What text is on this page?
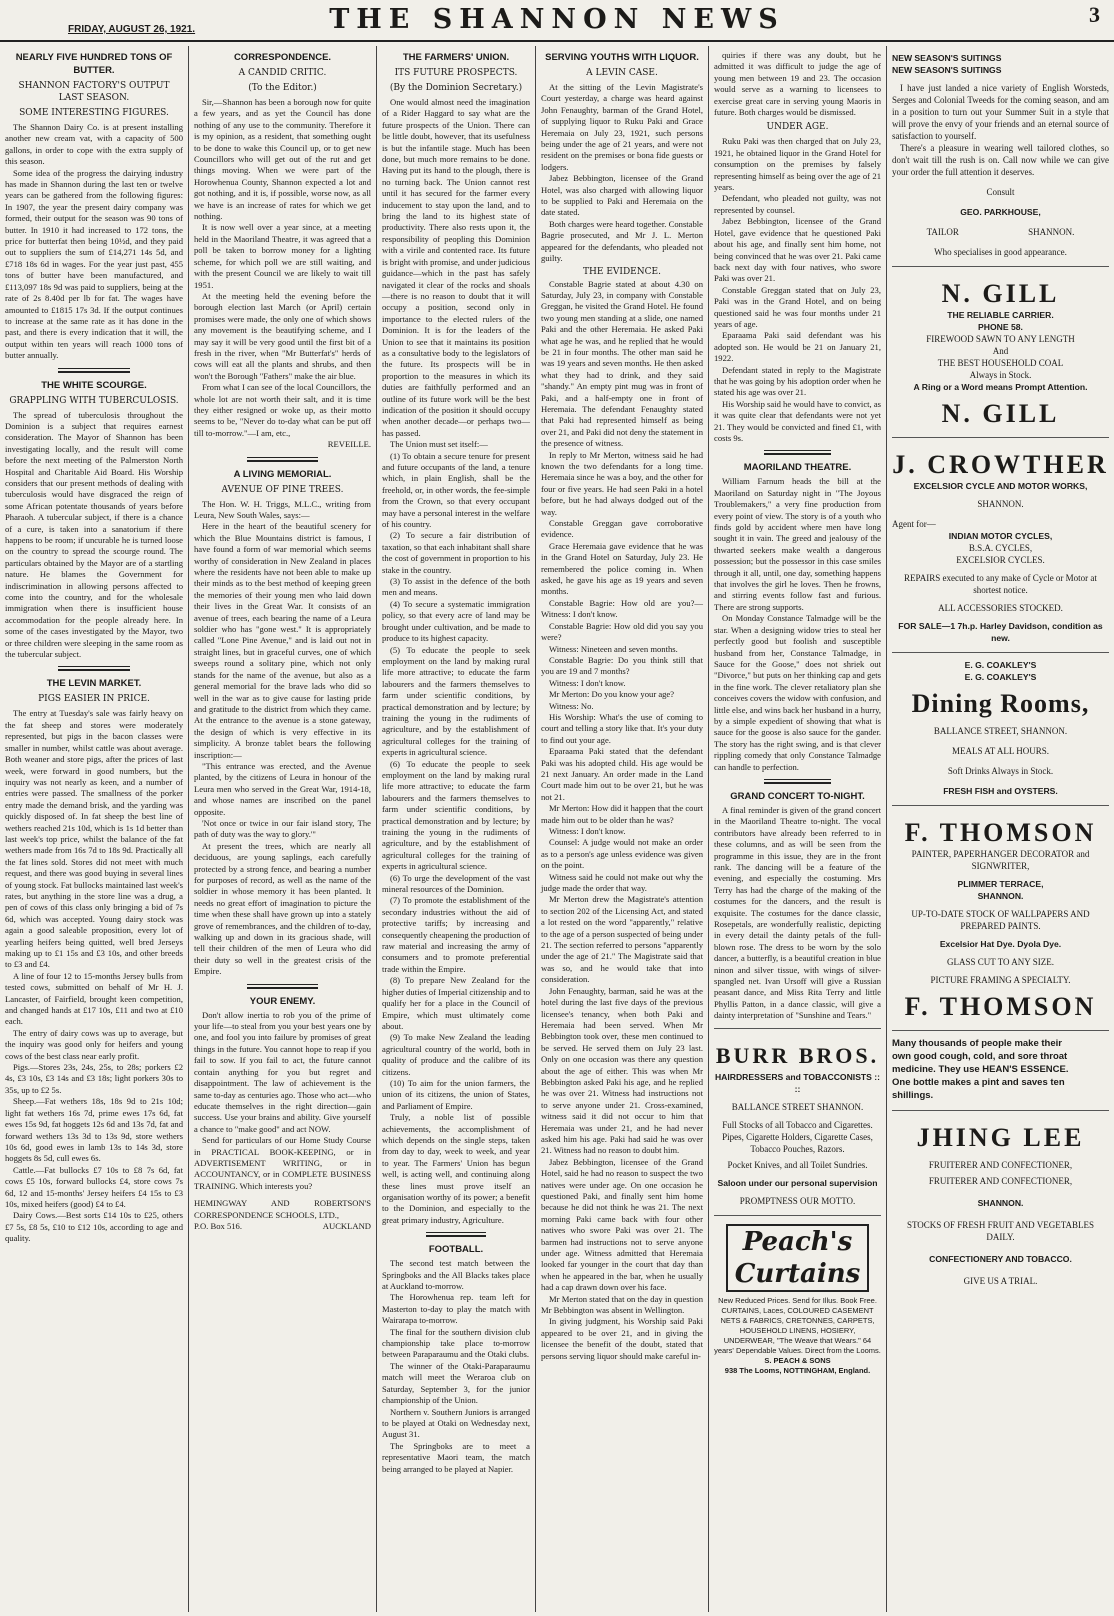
FRIDAY, AUGUST 26, 1921.	THE SHANNON NEWS	3
NEARLY FIVE HUNDRED TONS OF BUTTER.
SHANNON FACTORY'S OUTPUT LAST SEASON.
SOME INTERESTING FIGURES.
The Shannon Dairy Co. is at present installing another new cream vat, with a capacity of 500 gallons, in order to cope with the extra supply of this season.
Some idea of the progress the dairying industry has made in Shannon during the last ten or twelve years can be gathered from the following figures: In 1907, the year the present dairy company was formed, their output for the season was 90 tons of butter. In 1910 it had increased to 172 tons, the price for butterfat then being 10½d, and they paid out to suppliers the sum of £14,271 14s 5d, and £718 18s 6d in wages. For the year just past, 455 tons of butter have been manufactured, and £113,097 18s 9d was paid to suppliers, being at the rate of 2s 8.40d per lb for fat. The wages have amounted to £1815 17s 3d. If the output continues to increase at the same rate as it has done in the past, and there is every indication that it will, the output within ten years will reach 1000 tons of butter annually.
THE WHITE SCOURGE.
GRAPPLING WITH TUBERCULOSIS.
The spread of tuberculosis throughout the Dominion is a subject that requires earnest consideration. The Mayor of Shannon has been investigating locally, and the result will come before the next meeting of the Palmerston North Hospital and Charitable Aid Board. His Worship considers that our present methods of dealing with tuberculosis would have disgraced the reign of some African potentate thousands of years before Pharaoh. A tubercular subject, if there is a chance of a cure, is taken into a sanatorium if there happens to be room; if uncurable he is turned loose on the country to spread the scourge round. The particulars obtained by the Mayor are of a startling nature. He blames the Government for indiscrimination in allowing persons affected to come into the country, and for the wholesale immigration when there is insufficient house accommodation for the people already here. In some of the cases investigated by the Mayor, two or three children were sleeping in the same room as the tubercular subject.
THE LEVIN MARKET.
PIGS EASIER IN PRICE.
The entry at Tuesday's sale was fairly heavy on the fat sheep and stores were moderately represented, but pigs in the bacon classes were smaller in number, whilst cattle was about average. Both weaner and store pigs, after the prices of last week, were forward in good numbers, but the inquiry was not nearly as keen, and a number of entries were passed. The smallness of the porker entry made the demand brisk, and the yarding was quickly disposed of. In fat sheep the best line of wethers reached 21s 10d, which is 1s 1d better than last week's top price, whilst the balance of the fat wethers made from 16s 7d to 18s 9d. Practically all the fat lines sold. Stores did not meet with much request, and there was good buying in several lines of young stock. Fat bullocks maintained last week's rates, but anything in the store line was a drug, a pen of cows of this class only bringing a bid of 7s 6d, which was accepted. Young dairy stock was again a good saleable proposition, every lot of yearling heifers being quitted, well bred Jerseys making up to £1 15s and £3 10s, and other breeds to £3 and £4.
A line of four 12 to 15-months Jersey bulls from tested cows, submitted on behalf of Mr H. J. Lancaster, of Fairfield, brought keen competition, and changed hands at £17 10s, £11 and two at £10 each.
The entry of dairy cows was up to average, but the inquiry was good only for heifers and young cows of the best class near early profit.
Pigs.—Stores 23s, 24s, 25s, to 28s; porkers £2 4s, £3 10s, £3 14s and £3 18s; light porkers 30s to 35s, up to £2 5s.
Sheep.—Fat wethers 18s, 18s 9d to 21s 10d; light fat wethers 16s 7d, prime ewes 17s 6d, fat ewes 15s 9d, fat hoggets 12s 6d and 13s 7d, fat and forward wethers 13s 3d to 13s 9d, store wethers 10s 6d, good ewes in lamb 13s to 14s 3d, store hoggets 8s 5d, cull ewes 6s.
Cattle.—Fat bullocks £7 10s to £8 7s 6d, fat cows £5 10s, forward bullocks £4, store cows 7s 6d, 12 and 15-months' Jersey heifers £4 15s to £3 10s, mixed heifers (good) £4 to £4.
Dairy Cows.—Best sorts £14 10s to £25, others £7 5s, £8 5s, £10 to £12 10s, according to age and quality.
CORRESPONDENCE.
A CANDID CRITIC.
(To the Editor.)
Sir,—Shannon has been a borough now for quite a few years, and as yet the Council has done nothing of any use to the community. Therefore it is my opinion, as a resident, that something ought to be done to wake this Council up, or to get new Councillors who will get out of the rut and get things moving. When we were part of the Horowhenua County, Shannon expected a lot and got nothing, and it is, if possible, worse now, as all we have is an increase of rates for which we get nothing.
It is now well over a year since, at a meeting held in the Maoriland Theatre, it was agreed that a poll be taken to borrow money for a lighting scheme, for which poll we are still waiting, and with the present Council we are likely to wait till 1951.
At the meeting held the evening before the borough election last March (or April) certain promises were made, the only one of which shows any movement is the beautifying scheme, and I may say it will be very good until the first bit of a fresh in the river, when "Mr Butterfat's" herds of cows will eat all the plants and shrubs, and then won't the Borough "Fathers" make the air blue.
From what I can see of the local Councillors, the whole lot are not worth their salt, and it is time they either resigned or woke up, as their motto seems to be, "Never do to-day what can be put off till to-morrow."—I am, etc.,
REVEILLE.
A LIVING MEMORIAL.
AVENUE OF PINE TREES.
The Hon. W. H. Triggs, M.L.C., writing from Leura, New South Wales, says:—
Here in the heart of the beautiful scenery for which the Blue Mountains district is famous, I have found a form of war memorial which seems worthy of consideration in New Zealand in places where the residents have not been able to make up their minds as to the best method of keeping green the memories of their young men who laid down their lives in the Great War. It consists of an avenue of trees, each bearing the name of a Leura soldier who has "gone west." It is appropriately called "Lone Pine Avenue," and is laid out not in straight lines, but in graceful curves, one of which sweeps round a solitary pine, which not only stands for the name of the avenue, but also as a general memorial for the brave lads who did so well in the war as to give cause for lasting pride and gratitude to the district from which they came. At the entrance to the avenue is a stone gateway, the design of which is very effective in its simplicity. A bronze tablet bears the following inscription:—
"This entrance was erected, and the Avenue planted, by the citizens of Leura in honour of the Leura men who served in the Great War, 1914-18, and whose names are inscribed on the panel opposite.
'Not once or twice in our fair island story, The path of duty was the way to glory.'"
At present the trees, which are nearly all deciduous, are young saplings, each carefully protected by a strong fence, and bearing a number for purposes of record, as well as the name of the soldier in whose memory it has been planted. It needs no great effort of imagination to picture the time when these shall have grown up into a stately grove of remembrances, and the children of to-day, walking up and down in its gracious shade, will tell their children of the men of Leura who did their duty so well in the greatest crisis of the Empire.
YOUR ENEMY.
Don't allow inertia to rob you of the prime of your life—to steal from you your best years one by one, and fool you into failure by promises of great things in the future. You cannot hope to reap if you fail to sow. If you fail to act, the future cannot contain anything for you but regret and disappointment. The law of achievement is the same to-day as centuries ago. Those who act—who educate themselves in the right direction—gain success. Use your brains and ability. Give yourself a chance to "make good" and act NOW.
Send for particulars of our Home Study Course in PRACTICAL BOOK-KEEPING, or in ADVERTISEMENT WRITING, or in ACCOUNTANCY, or in COMPLETE BUSINESS TRAINING. Which interests you?
HEMINGWAY AND ROBERTSON'S CORRESPONDENCE SCHOOLS, LTD.,
P.O. Box 516.	AUCKLAND
THE FARMERS' UNION.
ITS FUTURE PROSPECTS.
(By the Dominion Secretary.)
One would almost need the imagination of a Rider Haggard to say what are the future prospects of the Union. There can be little doubt, however, that its usefulness is but the infantile stage. Much has been done, but much more remains to be done. Having put its hand to the plough, there is no turning back. The Union cannot rest until it has secured for the farmer every inducement to stay upon the land, and to bring the land to its highest state of productivity. There also rests upon it, the responsibility of peopling this Dominion with a virile and contented race. Its future is bright with promise, and under judicious guidance—which in the past has safely navigated it clear of the rocks and shoals—there is no reason to doubt that it will occupy a position, second only in importance to the elected rulers of the Dominion. It is for the leaders of the Union to see that it maintains its position as a consultative body to the legislators of the future. Its prospects will be in proportion to the measures in which its duties are faithfully performed and an outline of its future work will be the best indication of the position it should occupy when another decade—or perhaps two—has passed.
The Union must set itself:—
(1) To obtain a secure tenure for present and future occupants of the land, a tenure which, in plain English, shall be the freehold, or, in other words, the fee-simple from the Crown, so that every occupant may have a personal interest in the welfare of his country.
(2) To secure a fair distribution of taxation, so that each inhabitant shall share the cost of government in proportion to his stake in the country.
(3) To assist in the defence of the both men and means.
(4) To secure a systematic immigration policy, so that every acre of land may be brought under cultivation, and be made to produce to its highest capacity.
(5) To educate the people to seek employment on the land by making rural life more attractive; to educate the farm labourers and the farmers themselves to farm under scientific conditions, by practical demonstration and by lecture; by training the young in the rudiments of agriculture, and by the establishment of agricultural colleges for the training of experts in agricultural science.
(6) To educate the people to seek employment on the land by making rural life more attractive; to educate the farm labourers and the farmers themselves to farm under scientific conditions, by practical demonstration and by lecture; by training the young in the rudiments of agriculture, and by the establishment of agricultural colleges for the training of experts in agricultural science.
(6) To urge the development of the vast mineral resources of the Dominion.
(7) To promote the establishment of the secondary industries without the aid of protective tariffs; by increasing and consequently cheapening the production of raw material and increasing the army of consumers and to promote preferential trade within the Empire.
(8) To prepare New Zealand for the higher duties of Imperial citizenship and to qualify her for a place in the Council of Empire, which must ultimately come about.
(9) To make New Zealand the leading agricultural country of the world, both in quality of produce and the calibre of its citizens.
(10) To aim for the union farmers, the union of its citizens, the union of States, and Parliament of Empire.
Truly, a noble list of possible achievements, the accomplishment of which depends on the single steps, taken from day to day, week to week, and year to year. The Farmers' Union has begun well, is acting well, and continuing along these lines must prove itself an organisation worthy of its power; a benefit to the Dominion, and especially to the great primary industry, Agriculture.
FOOTBALL.
The second test match between the Springboks and the All Blacks takes place at Auckland to-morrow.
The Horowhenua rep. team left for Masterton to-day to play the match with Wairarapa to-morrow.
The final for the southern division club championship take place to-morrow between Paraparaumu and the Otaki clubs.
The winner of the Otaki-Paraparaumu match will meet the Weraroa club on Saturday, September 3, for the junior championship of the Union.
Northern v. Southern Juniors is arranged to be played at Otaki on Wednesday next, August 31.
The Springboks are to meet a representative Maori team, the match being arranged to be played at Napier.
SERVING YOUTHS WITH LIQUOR.
A LEVIN CASE.
At the sitting of the Levin Magistrate's Court yesterday, a charge was heard against John Fenaughty, barman of the Grand Hotel, of supplying liquor to Ruku Paki and Grace Heremaia on July 23, 1921, such persons being under the age of 21 years, and were not resident on the premises or bona fide guests or lodgers.
Jabez Bebbington, licensee of the Grand Hotel, was also charged with allowing liquor to be supplied to Paki and Heremaia on the date stated.
Both charges were heard together. Constable Bagrie prosecuted, and Mr J. L. Merton appeared for the defendants, who pleaded not guilty.
THE EVIDENCE.
Constable Bagrie stated at about 4.30 on Saturday, July 23, in company with Constable Greggan, he visited the Grand Hotel. He found two young men standing at a slide, one named Paki and the other Heremaia. He asked Paki what age he was, and he replied that he would be 21 in four months. The other man said he was 19 years and seven months. He then asked what they had to drink, and they said "shandy." An empty pint mug was in front of Paki, and a half-empty one in front of Heremaia. The defendant Fenaughty stated that Paki had represented himself as being over 21, and Paki did not deny the statement in the presence of witness.
In reply to Mr Merton, witness said he had known the two defendants for a long time. Heremaia since he was a boy, and the other for four or five years. He had seen Paki in a hotel before, but he had always dodged out of the way.
Constable Greggan gave corroborative evidence.
Grace Heremaia gave evidence that he was in the Grand Hotel on Saturday, July 23. He remembered the police coming in. When asked, he gave his age as 19 years and seven months.
Constable Bagrie: How old are you?—Witness: I don't know.
Constable Bagrie: How old did you say you were?
Witness: Nineteen and seven months.
Constable Bagrie: Do you think still that you are 19 and 7 months?
Witness: I don't know.
Mr Merton: Do you know your age?
Witness: No.
His Worship: What's the use of coming to court and telling a story like that. It's your duty to find out your age.
Eparaama Paki stated that the defendant Paki was his adopted child. His age would be 21 next January. An order made in the Land Court made him out to be over 21, but he was not 21.
Mr Merton: How did it happen that the court made him out to be older than he was?
Witness: I don't know.
Counsel: A judge would not make an order as to a person's age unless evidence was given on the point.
Witness said he could not make out why the judge made the order that way.
Mr Merton drew the Magistrate's attention to section 202 of the Licensing Act, and stated a lot rested on the word "apparently," relative to the age of a person suspected of being under 21. The section referred to persons "apparently under the age of 21." The Magistrate said that was so, and he would take that into consideration.
John Fenaughty, barman, said he was at the hotel during the last five days of the previous licensee's tenancy, when both Paki and Heremaia had been served. When Mr Bebbington took over, these men continued to be served. He served them on July 23 last. Only on one occasion was there any question about the age of either. This was when Mr Bebbington asked Paki his age, and he replied he was over 21. Witness had instructions not to serve anyone under 21. Cross-examined, witness said it did not occur to him that Heremaia was under 21, and he had never asked him his age. Paki had said he was over 21. Witness had no reason to doubt him.
Jabez Bebbington, licensee of the Grand Hotel, said he had no reason to suspect the two natives were under age. On one occasion he questioned Paki, and finally sent him home because he did not think he was 21. The next morning Paki came back with four other natives who swore Paki was over 21. The barmen had instructions not to serve anyone under age. Witness admitted that Heremaia looked far younger in the court that day than when he appeared in the bar, when he usually had a cap drawn down over his face.
Mr Merton stated that on the day in question Mr Bebbington was absent in Wellington.
In giving judgment, his Worship said Paki appeared to be over 21, and in giving the licensee the benefit of the doubt, stated that persons serving liquor should make careful in-
quiries if there was any doubt, but he admitted it was difficult to judge the age of young men between 19 and 23. The occasion would serve as a warning to licensees to exercise great care in serving young Maoris in future. Both charges would be dismissed.
UNDER AGE.
Ruku Paki was then charged that on July 23, 1921, he obtained liquor in the Grand Hotel for consumption on the premises by falsely representing himself as being over the age of 21 years.
Defendant, who pleaded not guilty, was not represented by counsel.
Jabez Bebbington, licensee of the Grand Hotel, gave evidence that he questioned Paki about his age, and finally sent him home, not being convinced that he was over 21. Paki came back next day with four natives, who swore Paki was over 21.
Constable Greggan stated that on July 23, Paki was in the Grand Hotel, and on being questioned said he was four months under 21 years of age.
Eparaama Paki said defendant was his adopted son. He would be 21 on January 21, 1922.
Defendant stated in reply to the Magistrate that he was going by his adoption order when he stated his age was over 21.
His Worship said he would have to convict, as it was quite clear that defendants were not yet 21. They would be convicted and fined £1, with costs 9s.
MAORILAND THEATRE.
William Farnum heads the bill at the Maoriland on Saturday night in "The Joyous Troublemakers," a very fine production from every point of view. The story is of a youth who finds gold by accident where men have long sought it in vain. The greed and jealousy of the thwarted seekers make wealth a dangerous possession; but the possessor in this case smiles through it all, until, one day, something happens that involves the girl he loves. Then he frowns, and stirring events follow fast and furious. There are strong supports.
On Monday Constance Talmadge will be the star. When a designing widow tries to steal her perfectly good but foolish and susceptible husband from her, Constance Talmadge, in Sauce for the Goose," does not shriek out "Divorce," but puts on her thinking cap and gets in the fine work. The clever retaliatory plan she conceives covers the widow with confusion, and little else, and wins back her husband in a hurry, by a simple expedient of showing that what is sauce for the goose is also sauce for the gander. The story has the right swing, and is that clever rippling comedy that only Constance Talmadge can handle to perfection.
GRAND CONCERT TO-NIGHT.
A final reminder is given of the grand concert in the Maoriland Theatre to-night. The vocal contributors have already been referred to in these columns, and as will be seen from the programme in this issue, they are in the front rank. The dancing will be a feature of the evening, and especially the costuming. Mrs Terry has had the charge of the making of the costumes for the dancers, and the result is exquisite. The costumes for the dance classic, Rosepetals, are wonderfully realistic, depicting in every detail the dainty petals of the full-blown rose. The dress to be worn by the solo dancer, a butterfly, is a beautiful creation in blue ninon and silver tissue, with wings of silver-spangled net. Ivan Ursoff will give a Russian peasant dance, and Miss Rita Terry and little Phyllis Patton, in a dance classic, will give a dainty interpretation of "Sunshine and Tears."
BURR BROS.
HAIRDRESSERS and TOBACCONISTS :: ::
BALLANCE STREET SHANNON.
Full Stocks of all Tobacco and Cigarettes.
Pipes, Cigarette Holders, Cigarette Cases, Tobacco Pouches, Razors.
Pocket Knives, and all Toilet Sundries.
Saloon under our personal supervision
PROMPTNESS OUR MOTTO.
Peach's Curtains
New Reduced Prices. Send for Illus. Book Free. CURTAINS, Laces, COLOURED CASEMENT NETS & FABRICS, CRETONNES, CARPETS, HOUSEHOLD LINENS, HOSIERY, UNDERWEAR, "The Weave that Wears." 64 years' Dependable Values. Direct from the Looms.
S. PEACH & SONS
938 The Looms, NOTTINGHAM, England.
NEW SEASON'S SUITINGS
NEW SEASON'S SUITINGS
I have just landed a nice variety of English Worsteds, Serges and Colonial Tweeds for the coming season, and am in a position to turn out your Summer Suit in a style that will prove the envy of your friends and an eternal source of satisfaction to yourself.
There's a pleasure in wearing well tailored clothes, so don't wait till the rush is on. Call now while we can give your order the full attention it deserves.
Consult
GEO. PARKHOUSE,
TAILOR	SHANNON.
Who specialises in good appearance.
N. GILL
THE RELIABLE CARRIER.
PHONE 58.
FIREWOOD SAWN TO ANY LENGTH
And
THE BEST HOUSEHOLD COAL
Always in Stock.
A Ring or a Word means Prompt Attention.
N. GILL
J. CROWTHER
EXCELSIOR CYCLE AND MOTOR WORKS,
SHANNON.
Agent for—
INDIAN MOTOR CYCLES,
B.S.A. CYCLES,
EXCELSIOR CYCLES.
REPAIRS executed to any make of Cycle or Motor at shortest notice.
ALL ACCESSORIES STOCKED.
FOR SALE—1 7h.p. Harley Davidson, condition as new.
E. G. COAKLEY'S
E. G. COAKLEY'S
Dining Rooms,
BALLANCE STREET, SHANNON.
MEALS AT ALL HOURS.
Soft Drinks Always in Stock.
FRESH FISH and OYSTERS.
F. THOMSON
PAINTER, PAPERHANGER DECORATOR and SIGNWRITER,
PLIMMER TERRACE,
SHANNON.
UP-TO-DATE STOCK OF WALLPAPERS AND PREPARED PAINTS.
Excelsior Hat Dye. Dyola Dye.
GLASS CUT TO ANY SIZE.
PICTURE FRAMING A SPECIALTY.
F. THOMSON
Many thousands of people make their own good cough, cold, and sore throat medicine. They use HEAN'S ESSENCE. One bottle makes a pint and saves ten shillings.
JHING LEE
FRUITERER AND CONFECTIONER,
FRUITERER AND CONFECTIONER,
SHANNON.
STOCKS OF FRESH FRUIT AND VEGETABLES DAILY.
CONFECTIONERY AND TOBACCO.
GIVE US A TRIAL.
